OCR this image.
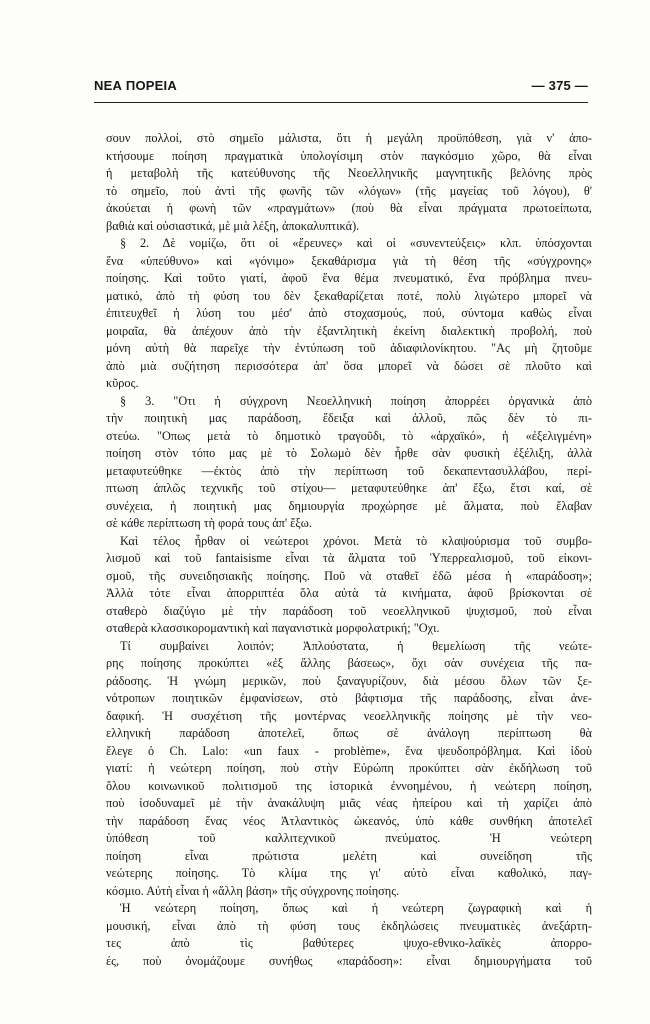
ΝΕΑ ΠΟΡΕΙΑ	— 375 —
σουν πολλοί, στὸ σημεῖο μάλιστα, ὅτι ἡ μεγάλη προϋπόθεση, γιὰ ν' ἀπο-
κτήσουμε ποίηση πραγματικὰ ὑπολογίσιμη στὸν παγκόσμιο χῶρο, θὰ εἶναι
ἡ μεταβολὴ τῆς κατεύθυνσης τῆς Νεοελληνικῆς μαγνητικῆς βελόνης πρὸς
τὸ σημεῖο, ποὺ ἀντὶ τῆς φωνῆς τῶν «λόγων» (τῆς μαγείας τοῦ λόγου), θ'
ἀκούεται ἡ φωνὴ τῶν «πραγμάτων» (ποὺ θὰ εἶναι πράγματα πρωτοείπωτα,
βαθιὰ καὶ οὐσιαστικά, μὲ μιὰ λέξη, ἀποκαλυπτικά).
§ 2. Δὲ νομίζω, ὅτι οἱ «ἔρευνες» καὶ οἱ «συνεντεύξεις» κλπ. ὑπόσχονται
ἕνα «ὑπεύθυνο» καὶ «γόνιμο» ξεκαθάρισμα γιὰ τὴ θέση τῆς «σύγχρονης»
ποίησης. Καὶ τοῦτο γιατί, ἀφοῦ ἕνα θέμα πνευματικό, ἕνα πρόβλημα πνευ-
ματικό, ἀπὸ τὴ φύση του δὲν ξεκαθαρίζεται ποτέ, πολὺ λιγώτερο μπορεῖ νὰ
ἐπιτευχθεῖ ἡ λύση του μέσ' ἀπὸ στοχασμούς, πού, σύντομα καθὼς εἶναι
μοιραῖα, θὰ ἀπέχουν ἀπὸ τὴν ἐξαντλητικὴ ἐκείνη διαλεκτικὴ προβολή, ποὺ
μόνη αὐτὴ θὰ παρεῖχε τὴν ἐντύπωση τοῦ ἀδιαφιλονίκητου. "Ας μὴ ζητοῦμε
ἀπὸ μιὰ συζήτηση περισσότερα ἀπ' ὅσα μπορεῖ νὰ δώσει σὲ πλοῦτο καὶ
κῦρος.
§ 3. "Οτι ἡ σύγχρονη Νεοελληνικὴ ποίηση ἀπορρέει ὀργανικὰ ἀπὸ
τὴν ποιητικὴ μας παράδοση, ἔδειξα καὶ ἀλλοῦ, πῶς δὲν τὸ πι-
στεύω. "Οπως μετὰ τὸ δημοτικὸ τραγοῦδι, τὸ «ἀρχαϊκό», ἡ «ἐξελιγμένη»
ποίηση στὸν τόπο μας μὲ τὸ Σολωμὸ δὲν ἦρθε σὰν φυσικὴ ἐξέλιξη, ἀλλὰ
μεταφυτεύθηκε —ἐκτὸς ἀπὸ τὴν περίπτωση τοῦ δεκαπεντασυλλάβου, περί-
πτωση ἁπλῶς τεχνικῆς τοῦ στίχου— μεταφυτεύθηκε ἀπ' ἔξω, ἔτσι καί, σὲ
συνέχεια, ἡ ποιητικὴ μας δημιουργία προχώρησε μὲ ἅλματα, ποὺ ἔλαβαν
σὲ κάθε περίπτωση τὴ φορά τους ἀπ' ἔξω.
Καὶ τέλος ἦρθαν οἱ νεώτεροι χρόνοι. Μετὰ τὸ κλαψούρισμα τοῦ συμβο-
λισμοῦ καὶ τοῦ fantaisisme εἶναι τὰ ἅλματα τοῦ Ὑπερρεαλισμοῦ, τοῦ εἰκονι-
σμοῦ, τῆς συνειδησιακῆς ποίησης. Ποῦ νὰ σταθεῖ ἐδῶ μέσα ἡ «παράδοση»;
Ἀλλὰ τότε εἶναι ἀπορριπτέα ὅλα αὐτὰ τὰ κινήματα, ἀφοῦ βρίσκονται σὲ
σταθερὸ διαζύγιο μὲ τὴν παράδοση τοῦ νεοελληνικοῦ ψυχισμοῦ, ποὺ εἶναι
σταθερὰ κλασσικορομαντικὴ καὶ παγανιστικὰ μορφολατρική; "Οχι.
Τί συμβαίνει λοιπόν; Ἁπλούστατα, ἡ θεμελίωση τῆς νεώτε-
ρης ποίησης προκύπτει «ἐξ ἄλλης βάσεως», ὄχι σὰν συνέχεια τῆς πα-
ράδοσης. Ἡ γνώμη μερικῶν, ποὺ ξαναγυρίζουν, διὰ μέσου ὅλων τῶν ξε-
νότροπων ποιητικῶν ἐμφανίσεων, στὸ βάφτισμα τῆς παράδοσης, εἶναι ἀνε-
δαφική. Ἡ συσχέτιση τῆς μοντέρνας νεοελληνικῆς ποίησης μὲ τὴν νεο-
ελληνικὴ παράδοση ἀποτελεῖ, ὅπως σὲ ἀνάλογη περίπτωση θὰ
ἔλεγε ὁ Ch. Lalo: «un faux - problème», ἕνα ψευδοπρόβλημα. Καὶ ἰδοὺ
γιατί: ἡ νεώτερη ποίηση, ποὺ στὴν Εὐρώπη προκύπτει σὰν ἐκδήλωση τοῦ
ὅλου κοινωνικοῦ πολιτισμοῦ της ἱστορικὰ ἐννοημένου, ἡ νεώτερη ποίηση,
ποὺ ἰσοδυναμεῖ μὲ τὴν ἀνακάλυψη μιᾶς νέας ἠπείρου καὶ τὴ χαρίζει ἀπὸ
τὴν παράδοση ἕνας νέος Ἀτλαντικὸς ὠκεανός, ὑπὸ κάθε συνθήκη ἀποτελεῖ
ὑπόθεση τοῦ καλλιτεχνικοῦ πνεύματος. Ἡ νεώτερη
ποίηση εἶναι πρώτιστα μελέτη καὶ συνείδηση τῆς
νεώτερης ποίησης. Τὸ κλίμα της γι' αὐτὸ εἶναι καθολικό, παγ-
κόσμιο. Αὐτὴ εἶναι ἡ «ἄλλη βάση» τῆς σύγχρονης ποίησης.
Ἡ νεώτερη ποίηση, ὅπως καὶ ἡ νεώτερη ζωγραφικὴ καὶ ἡ
μουσική, εἶναι ἀπὸ τὴ φύση τους ἐκδηλώσεις πνευματικὲς ἀνεξάρτη-
τες ἀπὸ τὶς βαθύτερες ψυχο-εθνικο-λαϊκὲς ἀπορρο-
ές, ποὺ ὀνομάζουμε συνήθως «παράδοση»: εἶναι δημιουργήματα τοῦ
